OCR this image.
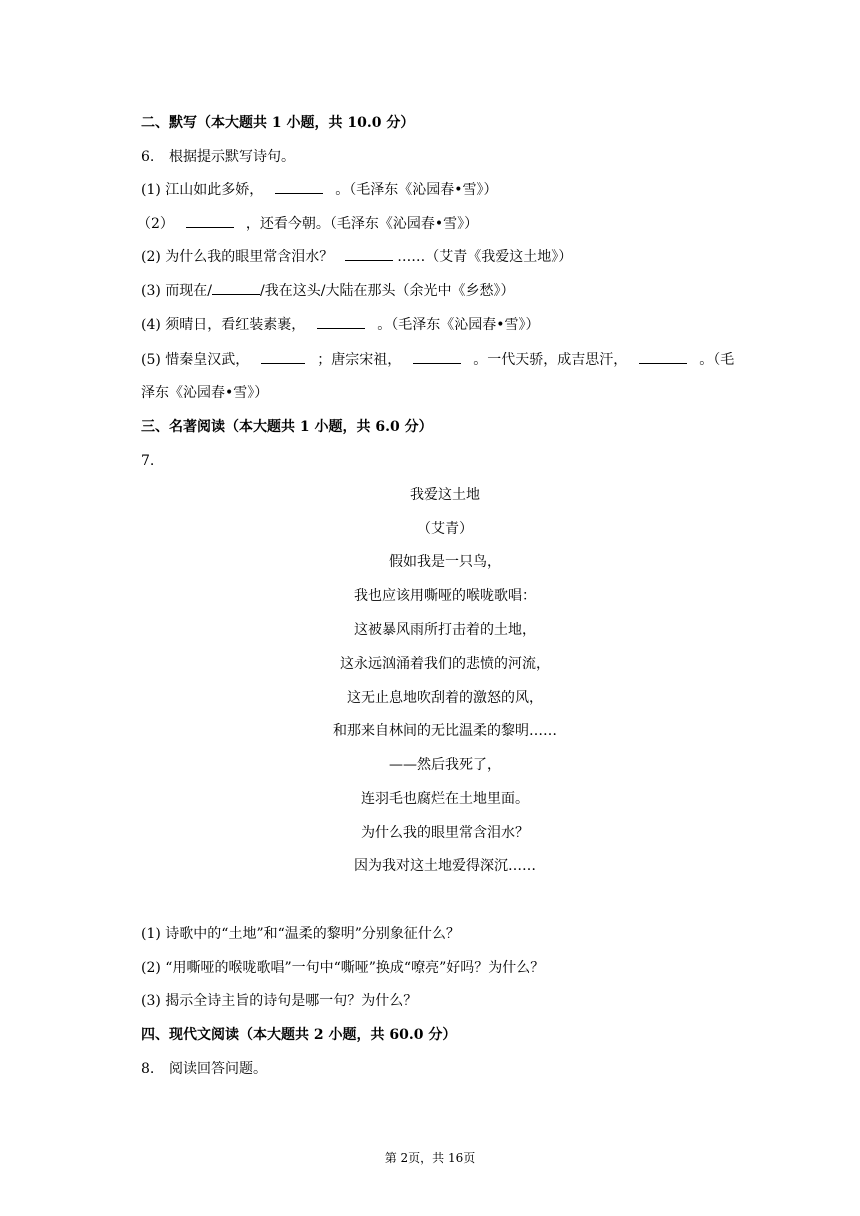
二、默写（本大题共 1 小题，共 10.0 分）
6. 根据提示默写诗句。
(1) 江山如此多娇，	。（毛泽东《沁园春•雪》）
（2）	，还看今朝。（毛泽东《沁园春•雪》）
(2) 为什么我的眼里常含泪水？	……（艾青《我爱这土地》）
(3) 而现在/	/我在这头/大陆在那头（余光中《乡愁》）
(4) 须晴日，看红装素裹，	。（毛泽东《沁园春•雪》）
(5) 惜秦皇汉武，	；唐宗宋祖，	。一代天骄，成吉思汗，	。（毛
泽东《沁园春•雪》）
三、名著阅读（本大题共 1 小题，共 6.0 分）
7.
我爱这土地
（艾青）
假如我是一只鸟，
我也应该用嘶哑的喉咙歌唱：
这被暴风雨所打击着的土地，
这永远汹涌着我们的悲愤的河流，
这无止息地吹刮着的激怒的风，
和那来自林间的无比温柔的黎明……
——然后我死了，
连羽毛也腐烂在土地里面。
为什么我的眼里常含泪水？
因为我对这土地爱得深沉……
(1) 诗歌中的“土地”和“温柔的黎明”分别象征什么？
(2) “用嘶哑的喉咙歌唱”一句中“嘶哑”换成“嘹亮”好吗？为什么？
(3) 揭示全诗主旨的诗句是哪一句？为什么？
四、现代文阅读（本大题共 2 小题，共 60.0 分）
8. 阅读回答问题。
第 2页，共 16页
